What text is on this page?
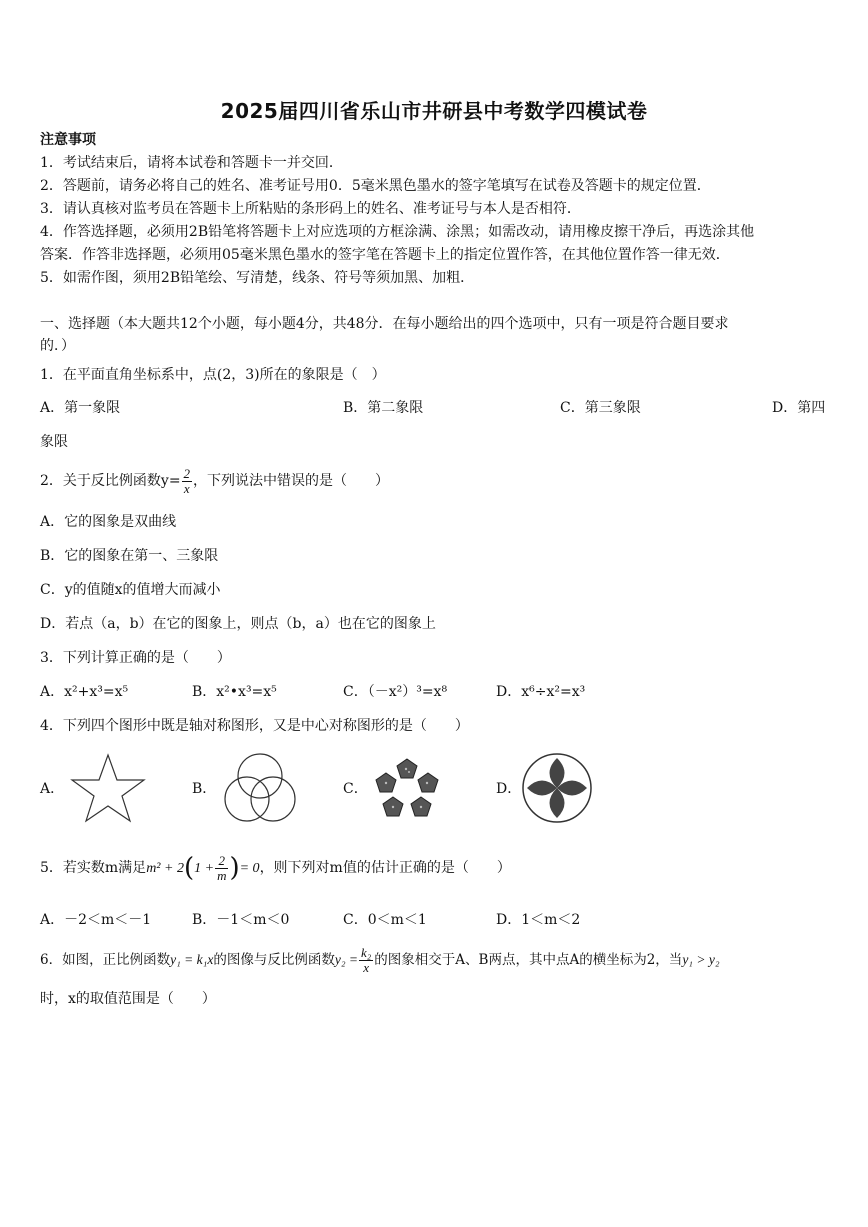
2025届四川省乐山市井研县中考数学四模试卷
注意事项
1．考试结束后，请将本试卷和答题卡一并交回．
2．答题前，请务必将自己的姓名、准考证号用0．5毫米黑色墨水的签字笔填写在试卷及答题卡的规定位置．
3．请认真核对监考员在答题卡上所粘贴的条形码上的姓名、准考证号与本人是否相符．
4．作答选择题，必须用2B铅笔将答题卡上对应选项的方框涂满、涂黑；如需改动，请用橡皮擦干净后，再选涂其他
答案．作答非选择题，必须用05毫米黑色墨水的签字笔在答题卡上的指定位置作答，在其他位置作答一律无效．
5．如需作图，须用2B铅笔绘、写清楚，线条、符号等须加黑、加粗．
一、选择题（本大题共12个小题，每小题4分，共48分．在每小题给出的四个选项中，只有一项是符合题目要求
的．）
1．在平面直角坐标系中，点(2，3)所在的象限是（　）
A．第一象限	B．第二象限	C．第三象限	D．第四
象限
2．关于反比例函数$y= \frac{2}{x}$ ，下列说法中错误的是（　　）
A．它的图象是双曲线
B．它的图象在第一、三象限
C．y的值随x的值增大而减小
D．若点（a，b）在它的图象上，则点（b，a）也在它的图象上
3．下列计算正确的是（　　）
A．x²+x³=x⁵	B．x²•x³=x⁵	C．（－x²）³=x⁸	D．x⁶÷x²=x³
4．下列四个图形中既是轴对称图形，又是中心对称图形的是（　　）
A．	B．	C．	D．
5．若实数m满足$m^2 + 2(1 + \frac{2}{m}$ )= 0，则下列对m值的估计正确的是（　　）
A．－2＜m＜－1	B．－1＜m＜0	C．0＜m＜1	D．1＜m＜2
6．如图，正比例函数y₁ = k₁x的图像与反比例函数$y_2 = \frac{\text{k₂}}{x}$ 的图象相交于A、B两点，其中点A的横坐标为2，当y₁ > y₂
时，x的取值范围是（　　）
